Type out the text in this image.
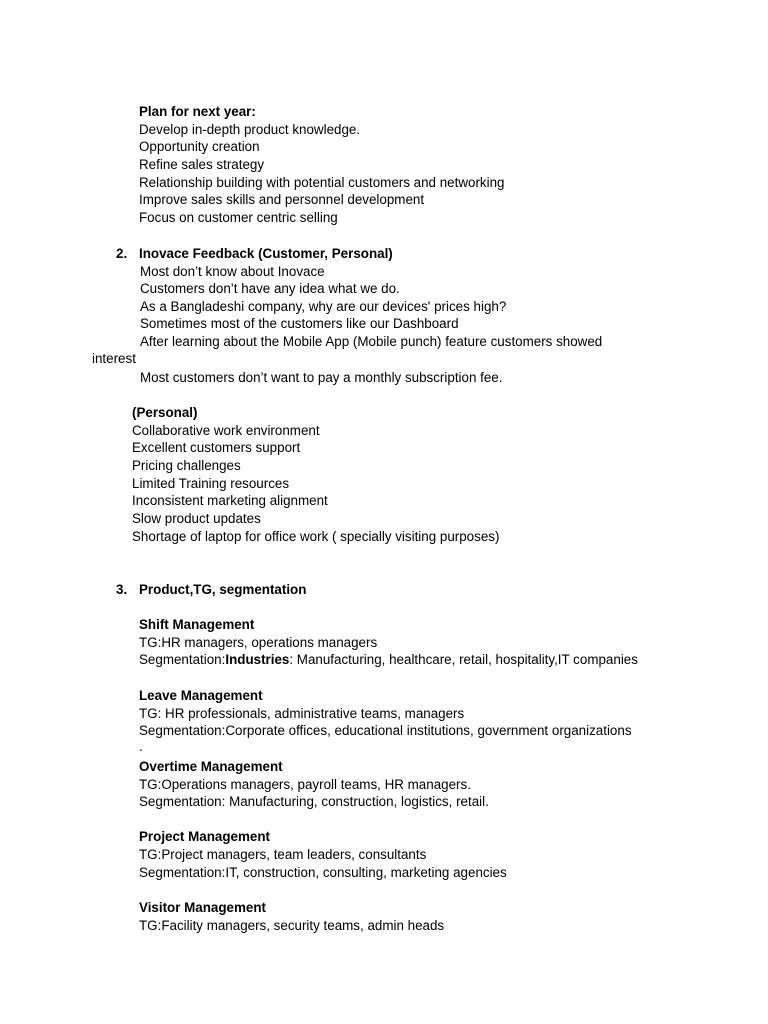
Plan for next year:
Develop in-depth product knowledge.
Opportunity creation
Refine sales strategy
Relationship building with potential customers and networking
Improve sales skills and personnel development
Focus on customer centric selling
2. Inovace Feedback (Customer, Personal)
Most don’t know about Inovace
Customers don’t have any idea what we do.
As a Bangladeshi company, why are our devices' prices high?
Sometimes most of the customers like our Dashboard
After learning about the Mobile App (Mobile punch) feature customers showed
interest
Most customers don’t want to pay a monthly subscription fee.
(Personal)
Collaborative work environment
Excellent customers support
Pricing challenges
Limited Training resources
Inconsistent marketing alignment
Slow product updates
Shortage of laptop for office work ( specially visiting purposes)
3. Product,TG, segmentation
Shift Management
TG:HR managers, operations managers
Segmentation:Industries: Manufacturing, healthcare, retail, hospitality,IT companies
Leave Management
TG: HR professionals, administrative teams, managers
Segmentation:Corporate offices, educational institutions, government organizations
.
Overtime Management
TG:Operations managers, payroll teams, HR managers.
Segmentation: Manufacturing, construction, logistics, retail.
Project Management
TG:Project managers, team leaders, consultants
Segmentation:IT, construction, consulting, marketing agencies
Visitor Management
TG:Facility managers, security teams, admin heads
